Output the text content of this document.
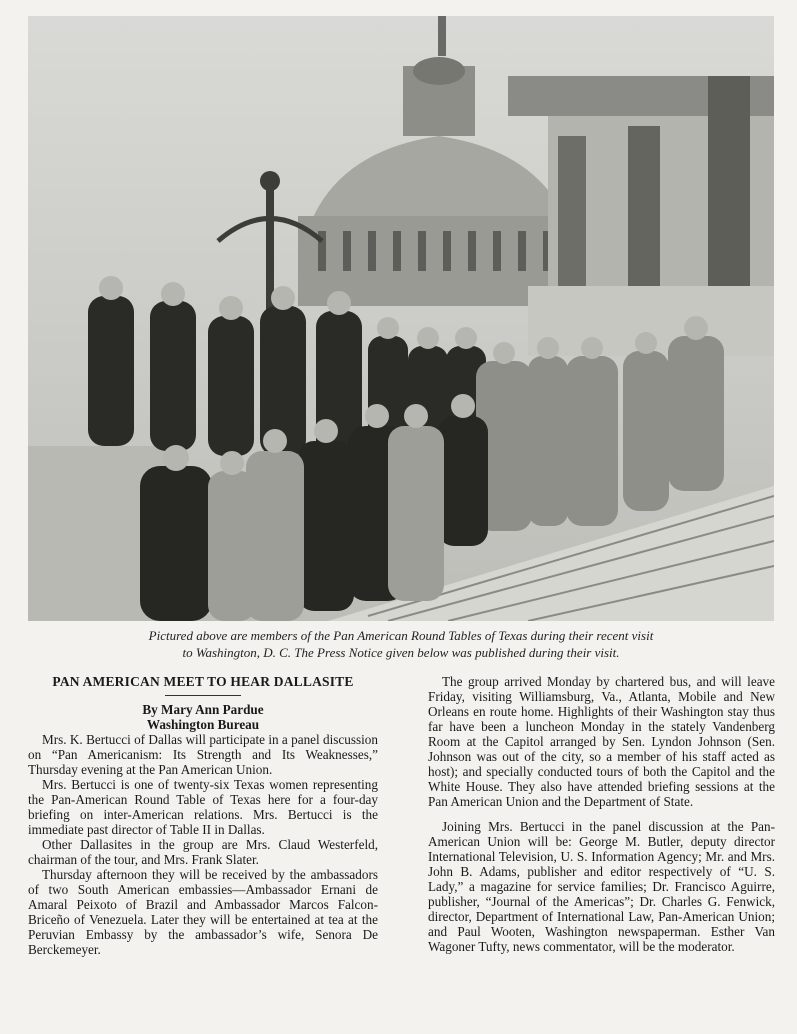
Pictured above are members of the Pan American Round Tables of Texas during their recent visit
to Washington, D. C. The Press Notice given below was published during their visit.
PAN AMERICAN MEET TO HEAR DALLASITE
By Mary Ann Pardue
Washington Bureau

Mrs. K. Bertucci of Dallas will participate in a panel discussion on “Pan Americanism: Its Strength and Its Weaknesses,” Thursday evening at the Pan American Union.

Mrs. Bertucci is one of twenty-six Texas women representing the Pan-American Round Table of Texas here for a four-day briefing on inter-American relations. Mrs. Bertucci is the immediate past director of Table II in Dallas.

Other Dallasites in the group are Mrs. Claud Westerfeld, chairman of the tour, and Mrs. Frank Slater.

Thursday afternoon they will be received by the ambassadors of two South American embassies—Ambassador Ernani de Amaral Peixoto of Brazil and Ambassador Marcos Falcon-Briceño of Venezuela. Later they will be entertained at tea at the Peruvian Embassy by the ambassador’s wife, Senora De Berckemeyer.

The group arrived Monday by chartered bus, and will leave Friday, visiting Williamsburg, Va., Atlanta, Mobile and New Orleans en route home. Highlights of their Washington stay thus far have been a luncheon Monday in the stately Vandenberg Room at the Capitol arranged by Sen. Lyndon Johnson (Sen. Johnson was out of the city, so a member of his staff acted as host); and specially conducted tours of both the Capitol and the White House. They also have attended briefing sessions at the Pan American Union and the Department of State.

Joining Mrs. Bertucci in the panel discussion at the Pan-American Union will be: George M. Butler, deputy director International Television, U. S. Information Agency; Mr. and Mrs. John B. Adams, publisher and editor respectively of “U. S. Lady,” a magazine for service families; Dr. Francisco Aguirre, publisher, “Journal of the Americas”; Dr. Charles G. Fenwick, director, Department of International Law, Pan-American Union; and Paul Wooten, Washington newspaperman. Esther Van Wagoner Tufty, news commentator, will be the moderator.
